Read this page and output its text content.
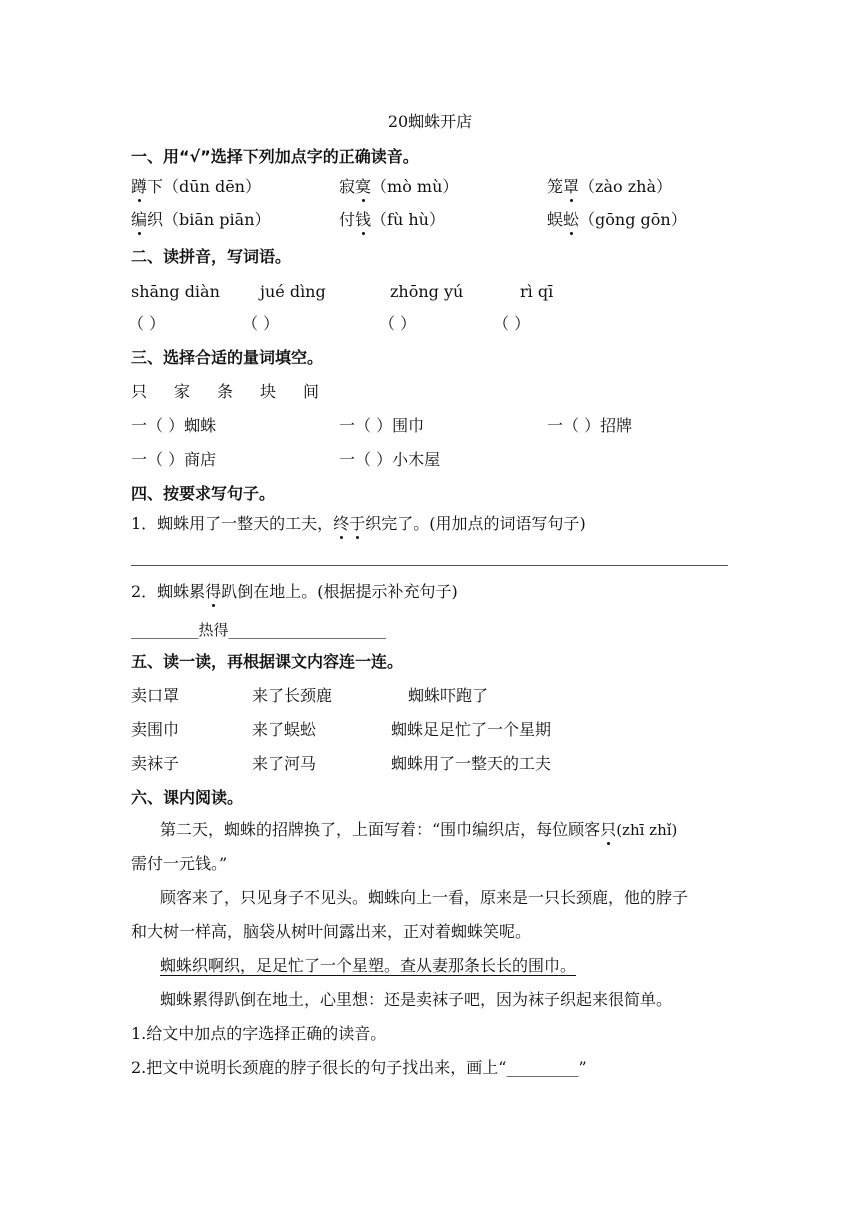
20蜘蛛开店
一、用“√”选择下列加点字的正确读音。
蹲下（dūn dēn）	寂寞（mò mù）	笼罩（zào zhà）
编织（biān piān）	付钱（fù hù）	蜈蚣（gōng gōn）
二、读拼音，写词语。
shāng diàn	jué dìng	zhōng yú	rì qī
（ ）	（ ）	（ ）	（ ）
三、选择合适的量词填空。
只 家 条 块 间
一（ ）蜘蛛	一（ ）围巾	一（ ）招牌
一（ ）商店	一（ ）小木屋
四、按要求写句子。
1．蜘蛛用了一整天的工夫，终于织完了。(用加点的词语写句子)
2．蜘蛛累得趴倒在地上。(根据提示补充句子)
_________热得_____________________
五、读一读，再根据课文内容连一连。
卖口罩	来了长颈鹿	蜘蛛吓跑了
卖围巾	来了蜈蚣	蜘蛛足足忙了一个星期
卖袜子	来了河马	蜘蛛用了一整天的工夫
六、课内阅读。
第二天，蜘蛛的招牌换了，上面写着：“围巾编织店，每位顾客只(zhī zhǐ)
需付一元钱。”
顾客来了，只见身子不见头。蜘蛛向上一看，原来是一只长颈鹿，他的脖子
和大树一样高，脑袋从树叶间露出来，正对着蜘蛛笑呢。
蜘蛛织啊织，足足忙了一个星塑。查从妻那条长长的围巾。
蜘蛛累得趴倒在地土，心里想：还是卖袜子吧，因为袜子织起来很简单。
1.给文中加点的字选择正确的读音。
2.把文中说明长颈鹿的脖子很长的句子找出来，画上“_________”
